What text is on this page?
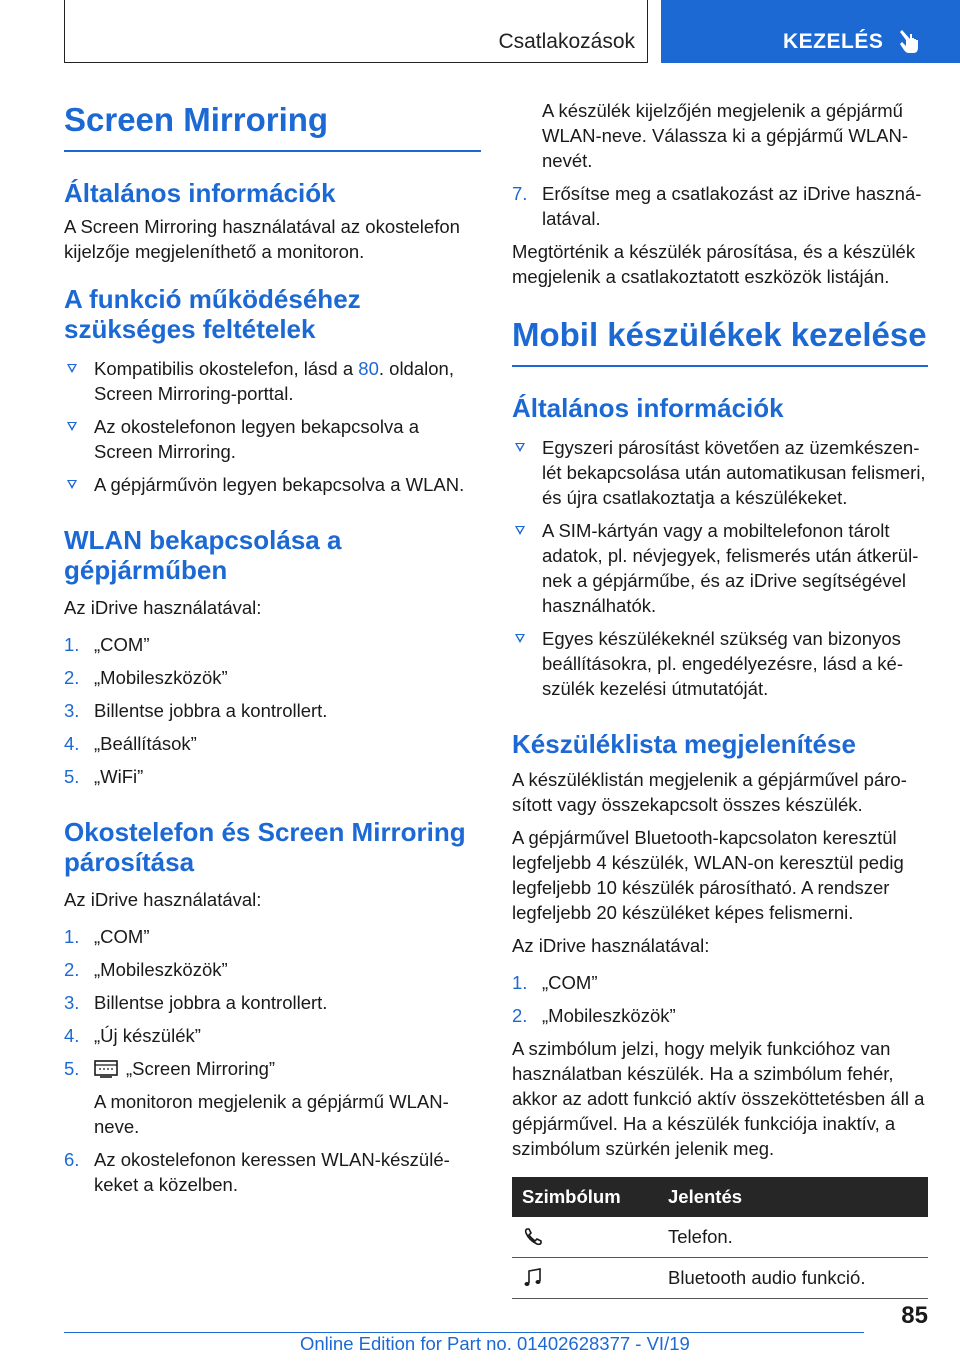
Csatlakozások	KEZELÉS
Screen Mirroring
Általános információk

A Screen Mirroring használatával az okostelefon kijelzője megjeleníthető a monitoron.

A funkció működéséhez szükséges feltételek
Kompatibilis okostelefon, lásd a 80. oldalon, Screen Mirroring-porttal.
Az okostelefonon legyen bekapcsolva a Screen Mirroring.
A gépjárművön legyen bekapcsolva a WLAN.
WLAN bekapcsolása a gépjárműben

Az iDrive használatával:

1. „COM”
2. „Mobileszközök”
3. Billentse jobbra a kontrollert.
4. „Beállítások”
5. „WiFi”
Okostelefon és Screen Mirroring párosítása

Az iDrive használatával:

1. „COM”
2. „Mobileszközök”
3. Billentse jobbra a kontrollert.
4. „Új készülék”
5.	„Screen Mirroring”
A monitoron megjelenik a gépjármű WLAN-neve.
6. Az okostelefonon keressen WLAN-készülékeket a közelben.
A készülék kijelzőjén megjelenik a gépjármű WLAN-neve. Válassza ki a gépjármű WLAN-nevét.
7. Erősítse meg a csatlakozást az iDrive használatával.

Megtörténik a készülék párosítása, és a készülék megjelenik a csatlakoztatott eszközök listáján.

Mobil készülékek kezelése
Általános információk
Egyszeri párosítást követően az üzemkészenlét bekapcsolása után automatikusan felismeri, és újra csatlakoztatja a készülékeket.
A SIM-kártyán vagy a mobiltelefonon tárolt adatok, pl. névjegyek, felismerés után átkerülnek a gépjárműbe, és az iDrive segítségével használhatók.
Egyes készülékeknél szükség van bizonyos beállításokra, pl. engedélyezésre, lásd a készülék kezelési útmutatóját.
Készüléklista megjelenítése

A készüléklistán megjelenik a gépjárművel párosított vagy összekapcsolt összes készülék.

A gépjárművel Bluetooth-kapcsolaton keresztül legfeljebb 4 készülék, WLAN-on keresztül pedig legfeljebb 10 készülék párosítható. A rendszer legfeljebb 20 készüléket képes felismerni.

Az iDrive használatával:

1. „COM”
2. „Mobileszközök”

A szimbólum jelzi, hogy melyik funkcióhoz van használatban készülék. Ha a szimbólum fehér, akkor az adott funkció aktív összeköttetésben áll a gépjárművel. Ha a készülék funkciója inaktív, a szimbólum szürkén jelenik meg.

Szimbólum	Jelentés
	Telefon.
	Bluetooth audio funkció.
85
Online Edition for Part no. 01402628377 - VI/19
